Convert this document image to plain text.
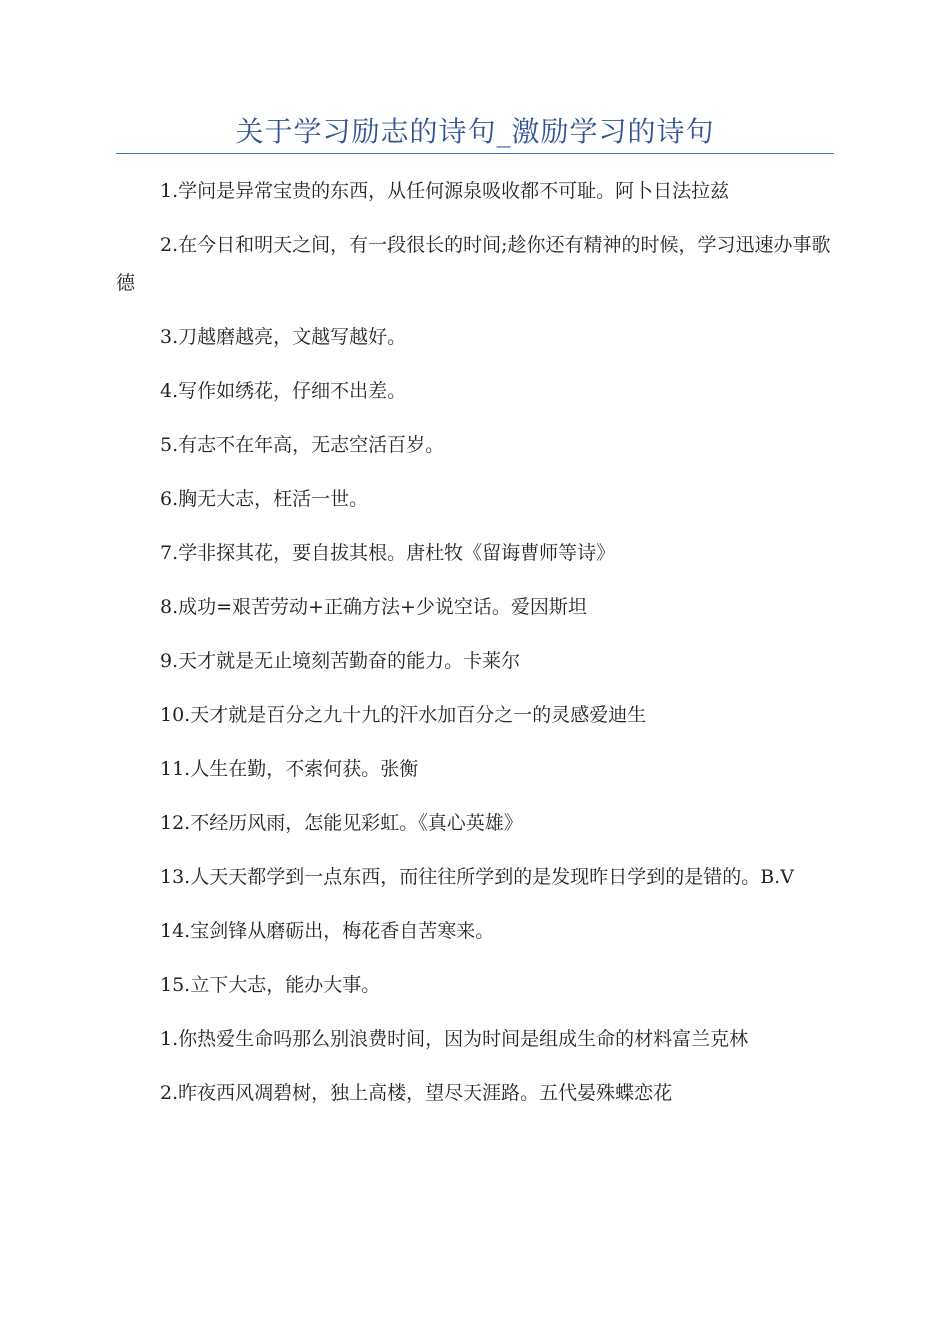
关于学习励志的诗句_激励学习的诗句

1.学问是异常宝贵的东西，从任何源泉吸收都不可耻。阿卜日法拉兹

2.在今日和明天之间，有一段很长的时间;趁你还有精神的时候，学习迅速办事歌德

3.刀越磨越亮，文越写越好。

4.写作如绣花，仔细不出差。

5.有志不在年高，无志空活百岁。

6.胸无大志，枉活一世。

7.学非探其花，要自拔其根。唐杜牧《留诲曹师等诗》

8.成功=艰苦劳动+正确方法+少说空话。爱因斯坦

9.天才就是无止境刻苦勤奋的能力。卡莱尔

10.天才就是百分之九十九的汗水加百分之一的灵感爱迪生

11.人生在勤，不索何获。张衡

12.不经历风雨，怎能见彩虹。《真心英雄》

13.人天天都学到一点东西，而往往所学到的是发现昨日学到的是错的。B.V

14.宝剑锋从磨砺出，梅花香自苦寒来。

15.立下大志，能办大事。

1.你热爱生命吗那么别浪费时间，因为时间是组成生命的材料富兰克林

2.昨夜西风凋碧树，独上高楼，望尽天涯路。五代晏殊蝶恋花
